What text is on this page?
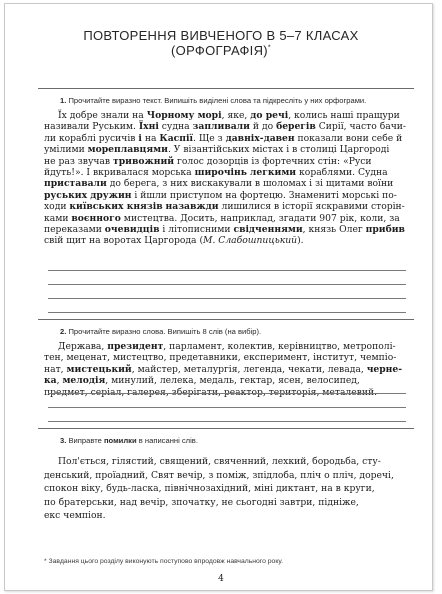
ПОВТОРЕННЯ ВИВЧЕНОГО В 5–7 КЛАСАХ
(ОРФОГРАФІЯ)*

1. Прочитайте виразно текст. Випишіть виділені слова та підкресліть у них орфограми.

Їх добре знали на Чорному морі, яке, до речі, колись наші пращури
називали Руським. Їхні судна запливали й до берегів Сирії, часто бачи-
ли кораблі русичів і на Каспії. Ще з давніх-давен показали вони себе й
умілими мореплавцями. У візантійських містах і в столиці Царгороді
не раз звучав тривожний голос дозорців із фортечних стін: «Руси
йдуть!». І вкривалася морська широчінь легкими кораблями. Судна
приставали до берега, з них вискакували в шоломах і зі щитами воїни
руських дружин і йшли приступом на фортецю. Знамениті морські по-
ходи київських князів назавжди лишилися в історії яскравими сторін-
ками воєнного мистецтва. Досить, наприклад, згадати 907 рік, коли, за
переказами очевидців і літописними свідченнями, князь Олег прибив
свій щит на воротах Царгорода (М. Слабошпицький).

2. Прочитайте виразно слова. Випишіть 8 слів (на вибір).

Держава, президент, парламент, колектив, керівництво, метрополі-
тен, меценат, мистецтво, предетавники, експеримент, інститут, чемпіо-
нат, мистецький, майстер, металургія, легенда, чекати, левада, черне-
ка, мелодія, минулий, лелека, медаль, гектар, ясен, велосипед,
предмет, серіал, галерея, зберігати, реактор, територія, металевий.

3. Виправте помилки в написанні слів.

Пол'ється, гілястий, священий, свяченний, лехкий, бородьба, сту-
денський, проїадний, Свят вечір, з поміж, зпідлоба, пліч о пліч, доречі,
спокон віку, будь-ласка, північнозахідний, міні диктант, на в круги,
по братерськи, над вечір, зпочатку, не сьогодні завтри, підніже,
екс чемпіон.
* Завдання цього розділу виконують поступово впродовж навчального року.
4
